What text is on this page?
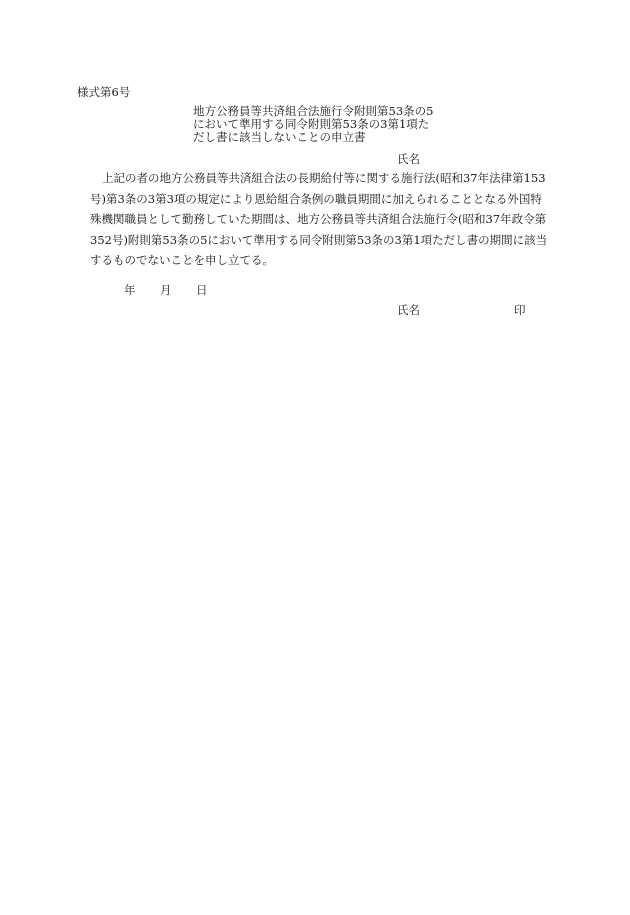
様式第6号
地方公務員等共済組合法施行令附則第53条の5
において準用する同令附則第53条の3第1項た
だし書に該当しないことの申立書
氏名
上記の者の地方公務員等共済組合法の長期給付等に関する施行法(昭和37年法律第153
号)第3条の3第3項の規定により恩給組合条例の職員期間に加えられることとなる外国特
殊機関職員として勤務していた期間は、地方公務員等共済組合法施行令(昭和37年政令第
352号)附則第53条の5において準用する同令附則第53条の3第1項ただし書の期間に該当
するものでないことを申し立てる。
年 月 日
氏名	印
